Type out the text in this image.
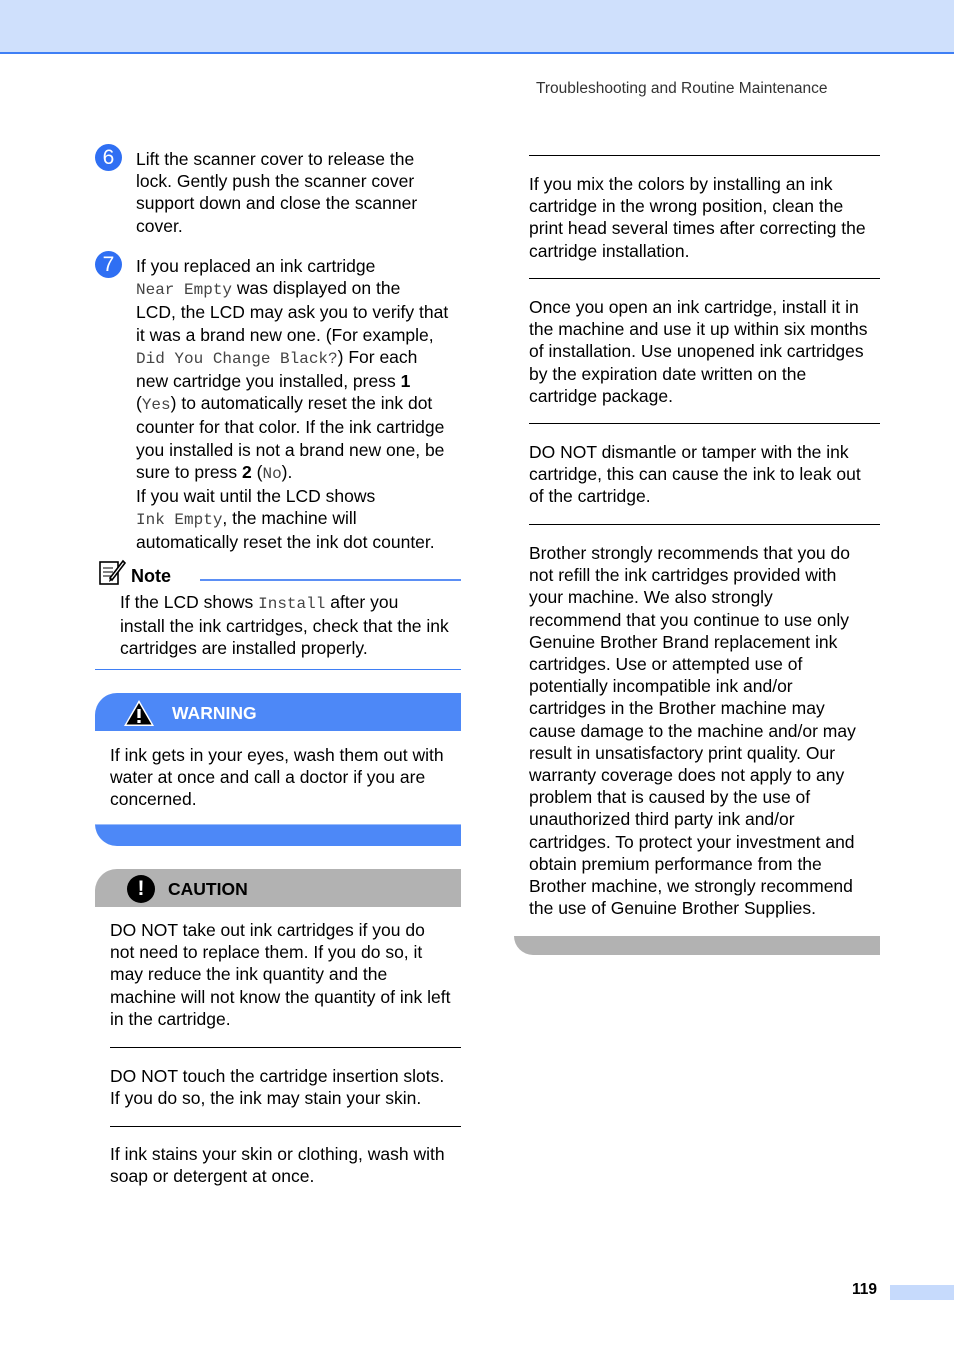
Troubleshooting and Routine Maintenance
6	Lift the scanner cover to release the
lock. Gently push the scanner cover
support down and close the scanner
cover.
7	If you replaced an ink cartridge
Near Empty was displayed on the
LCD, the LCD may ask you to verify that
it was a brand new one. (For example,
Did You Change Black?) For each
new cartridge you installed, press 1
(Yes) to automatically reset the ink dot
counter for that color. If the ink cartridge
you installed is not a brand new one, be
sure to press 2 (No).
If you wait until the LCD shows
Ink Empty, the machine will
automatically reset the ink dot counter.
Note
If the LCD shows Install after you
install the ink cartridges, check that the ink
cartridges are installed properly.
WARNING
If ink gets in your eyes, wash them out with
water at once and call a doctor if you are
concerned.
!	CAUTION
DO NOT take out ink cartridges if you do
not need to replace them. If you do so, it
may reduce the ink quantity and the
machine will not know the quantity of ink left
in the cartridge.
DO NOT touch the cartridge insertion slots.
If you do so, the ink may stain your skin.
If ink stains your skin or clothing, wash with
soap or detergent at once.
If you mix the colors by installing an ink
cartridge in the wrong position, clean the
print head several times after correcting the
cartridge installation.
Once you open an ink cartridge, install it in
the machine and use it up within six months
of installation. Use unopened ink cartridges
by the expiration date written on the
cartridge package.
DO NOT dismantle or tamper with the ink
cartridge, this can cause the ink to leak out
of the cartridge.
Brother strongly recommends that you do
not refill the ink cartridges provided with
your machine. We also strongly
recommend that you continue to use only
Genuine Brother Brand replacement ink
cartridges. Use or attempted use of
potentially incompatible ink and/or
cartridges in the Brother machine may
cause damage to the machine and/or may
result in unsatisfactory print quality. Our
warranty coverage does not apply to any
problem that is caused by the use of
unauthorized third party ink and/or
cartridges. To protect your investment and
obtain premium performance from the
Brother machine, we strongly recommend
the use of Genuine Brother Supplies.
119
